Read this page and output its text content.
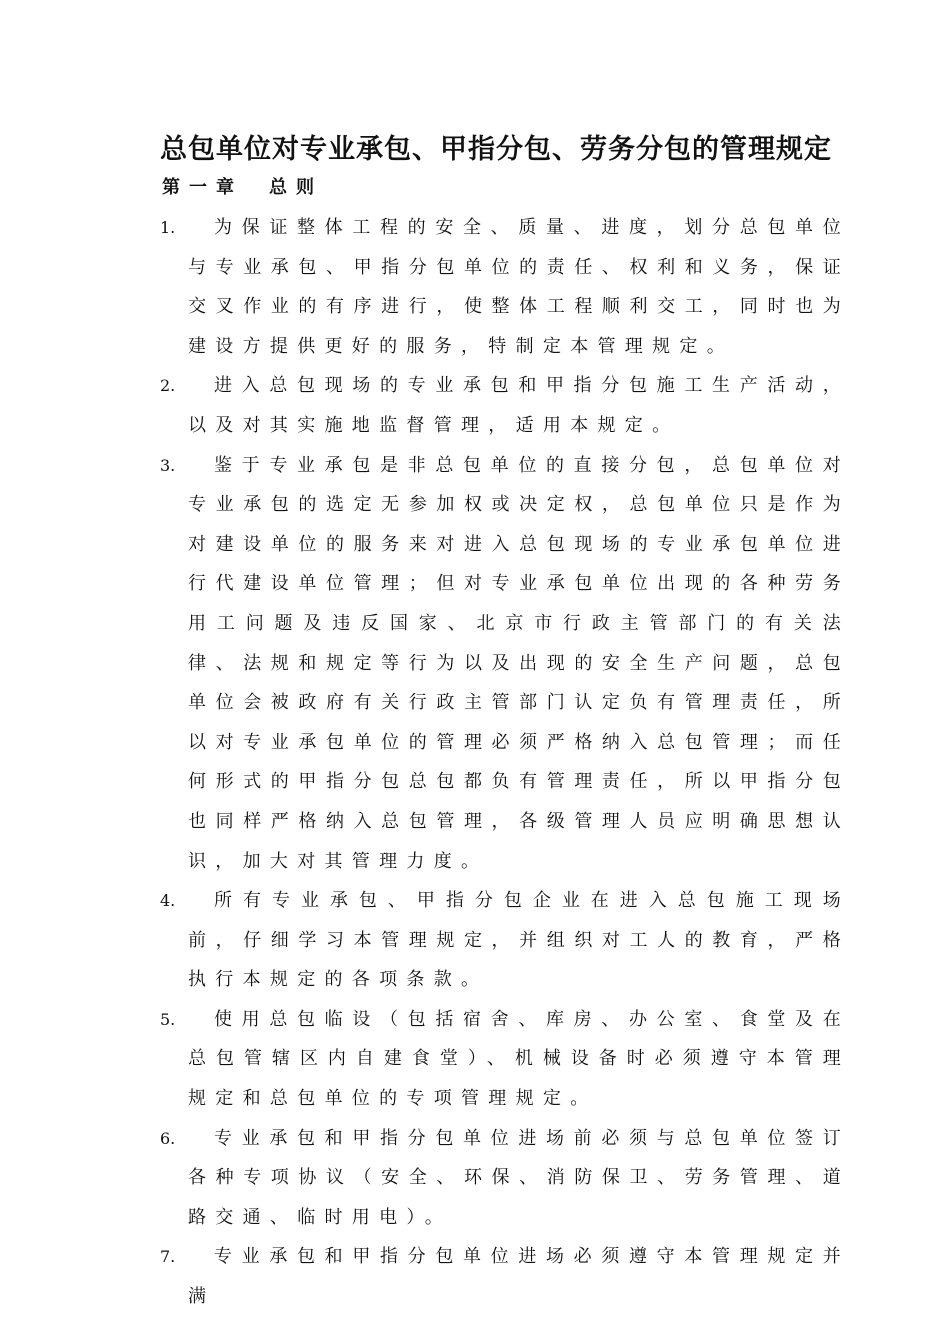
总包单位对专业承包、甲指分包、劳务分包的管理规定
第一章 总则
1. 为保证整体工程的安全、质量、进度，划分总包单位与专业承包、甲指分包单位的责任、权利和义务，保证交叉作业的有序进行，使整体工程顺利交工，同时也为建设方提供更好的服务，特制定本管理规定。
2. 进入总包现场的专业承包和甲指分包施工生产活动，以及对其实施地监督管理，适用本规定。
3. 鉴于专业承包是非总包单位的直接分包，总包单位对专业承包的选定无参加权或决定权，总包单位只是作为对建设单位的服务来对进入总包现场的专业承包单位进行代建设单位管理；但对专业承包单位出现的各种劳务用工问题及违反国家、北京市行政主管部门的有关法律、法规和规定等行为以及出现的安全生产问题，总包单位会被政府有关行政主管部门认定负有管理责任，所以对专业承包单位的管理必须严格纳入总包管理；而任何形式的甲指分包总包都负有管理责任，所以甲指分包也同样严格纳入总包管理，各级管理人员应明确思想认识，加大对其管理力度。
4. 所有专业承包、甲指分包企业在进入总包施工现场前，仔细学习本管理规定，并组织对工人的教育，严格执行本规定的各项条款。
5. 使用总包临设（包括宿舍、库房、办公室、食堂及在总包管辖区内自建食堂）、机械设备时必须遵守本管理规定和总包单位的专项管理规定。
6. 专业承包和甲指分包单位进场前必须与总包单位签订各种专项协议（安全、环保、消防保卫、劳务管理、道路交通、临时用电）。
7. 专业承包和甲指分包单位进场必须遵守本管理规定并满
